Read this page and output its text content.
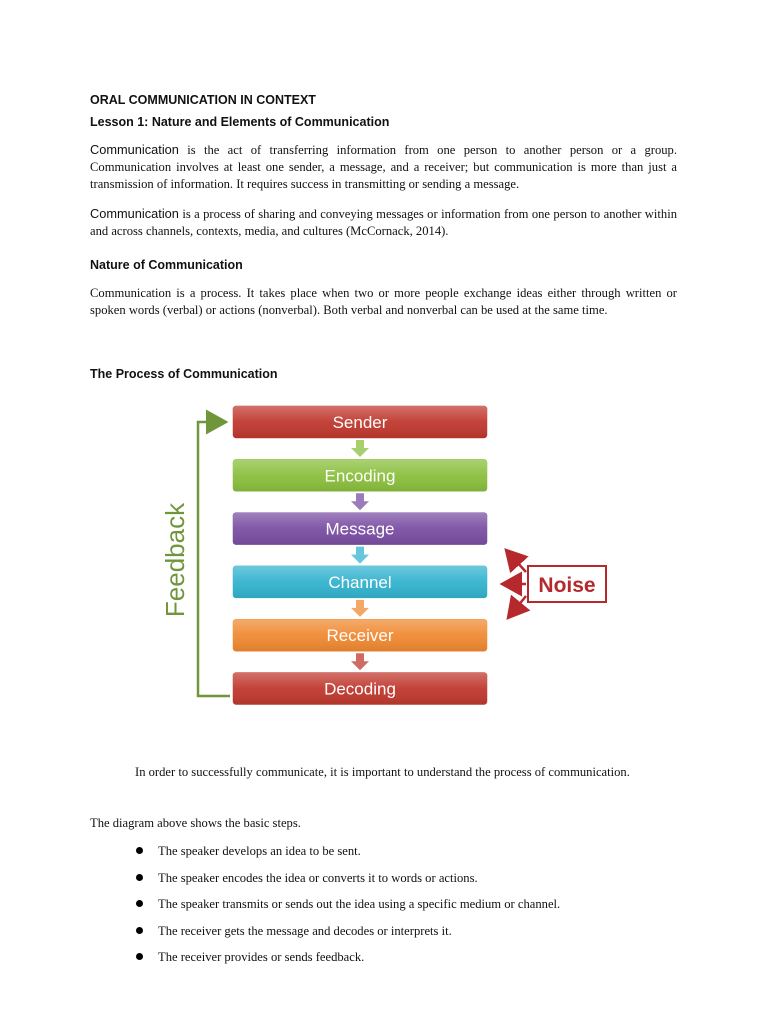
ORAL COMMUNICATION IN CONTEXT
Lesson 1: Nature and Elements of Communication
Communication is the act of transferring information from one person to another person or a group. Communication involves at least one sender, a message, and a receiver; but communication is more than just a transmission of information. It requires success in transmitting or sending a message.
Communication is a process of sharing and conveying messages or information from one person to another within and across channels, contexts, media, and cultures (McCornack, 2014).
Nature of Communication
Communication is a process. It takes place when two or more people exchange ideas either through written or spoken words (verbal) or actions (nonverbal). Both verbal and nonverbal can be used at the same time.
The Process of Communication
Sender
Encoding
Message
Channel
Receiver
Decoding
Feedback	Noise
In order to successfully communicate, it is important to understand the process of communication.
The diagram above shows the basic steps.
The speaker develops an idea to be sent.
The speaker encodes the idea or converts it to words or actions.
The speaker transmits or sends out the idea using a specific medium or channel.
The receiver gets the message and decodes or interprets it.
The receiver provides or sends feedback.
